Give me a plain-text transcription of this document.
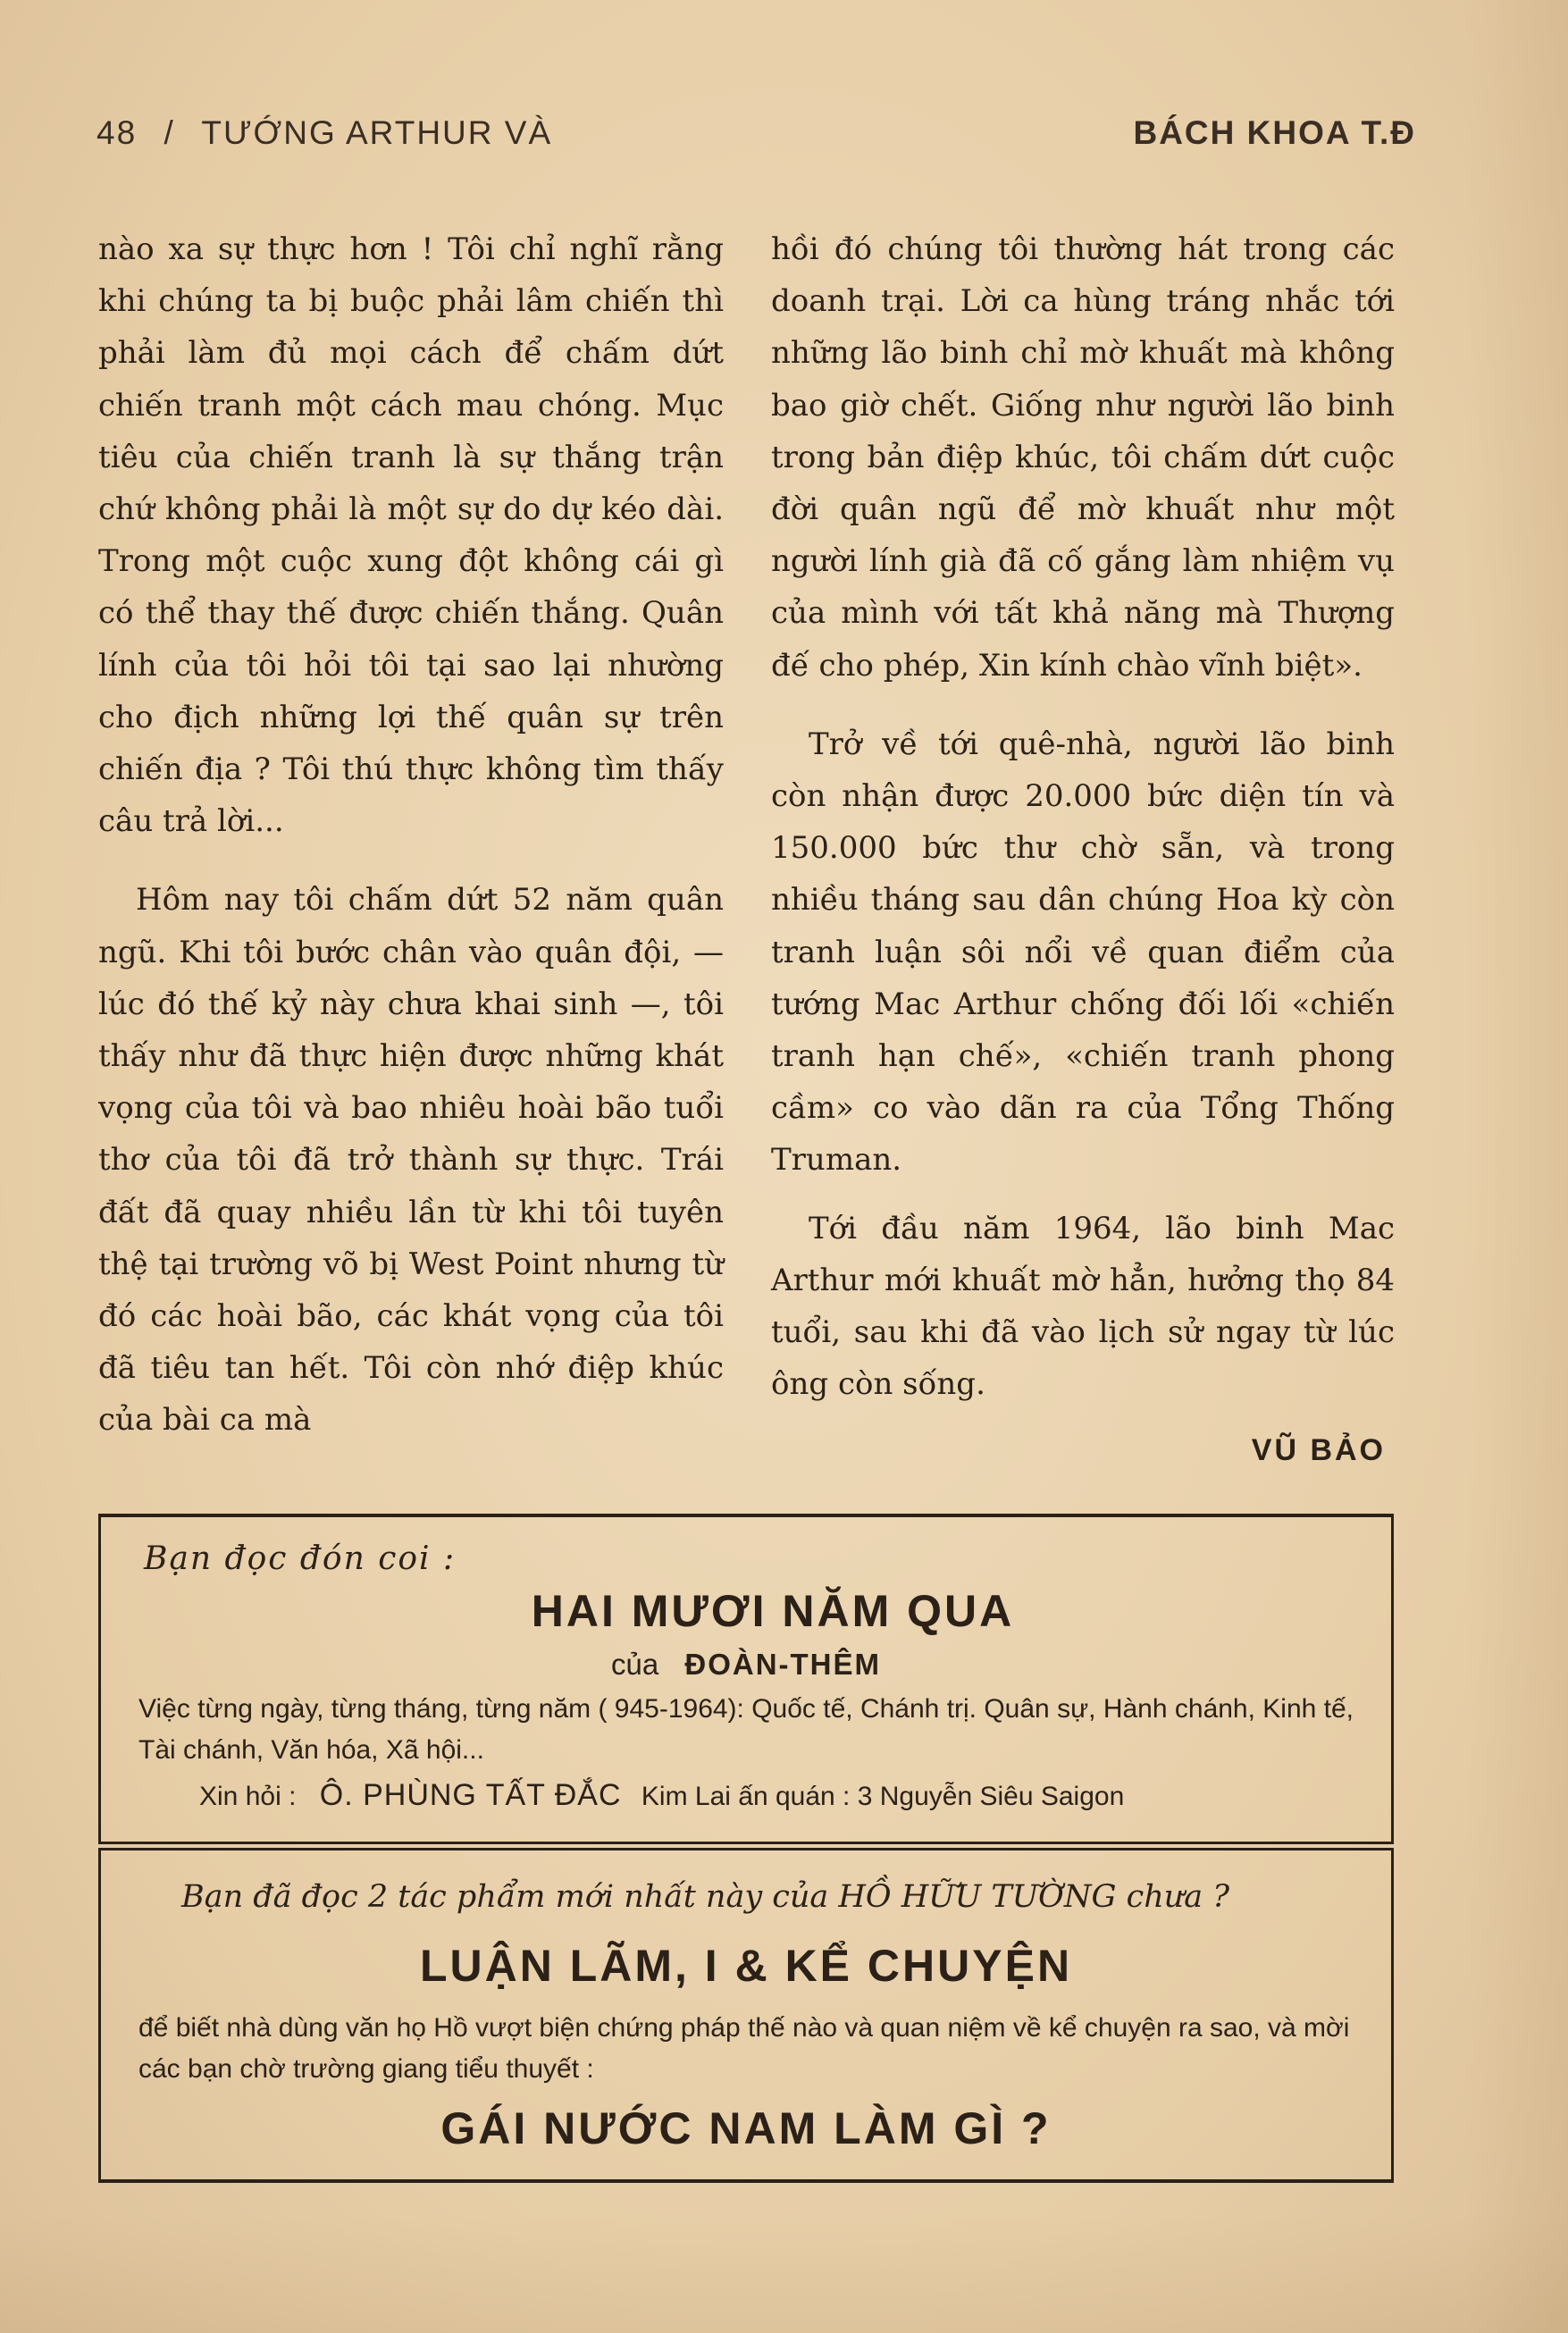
48 / TƯỚNG ARTHUR VÀ	BÁCH KHOA T.Đ

nào xa sự thực hơn ! Tôi chỉ nghĩ rằng khi chúng ta bị buộc phải lâm chiến thì phải làm đủ mọi cách để chấm dứt chiến tranh một cách mau chóng. Mục tiêu của chiến tranh là sự thắng trận chứ không phải là một sự do dự kéo dài. Trong một cuộc xung đột không cái gì có thể thay thế được chiến thắng. Quân lính của tôi hỏi tôi tại sao lại nhường cho địch những lợi thế quân sự trên chiến địa ? Tôi thú thực không tìm thấy câu trả lời...

Hôm nay tôi chấm dứt 52 năm quân ngũ. Khi tôi bước chân vào quân đội, — lúc đó thế kỷ này chưa khai sinh —, tôi thấy như đã thực hiện được những khát vọng của tôi và bao nhiêu hoài bão tuổi thơ của tôi đã trở thành sự thực. Trái đất đã quay nhiều lần từ khi tôi tuyên thệ tại trường võ bị West Point nhưng từ đó các hoài bão, các khát vọng của tôi đã tiêu tan hết. Tôi còn nhớ điệp khúc của bài ca mà

hồi đó chúng tôi thường hát trong các doanh trại. Lời ca hùng tráng nhắc tới những lão binh chỉ mờ khuất mà không bao giờ chết. Giống như người lão binh trong bản điệp khúc, tôi chấm dứt cuộc đời quân ngũ để mờ khuất như một người lính già đã cố gắng làm nhiệm vụ của mình với tất khả năng mà Thượng đế cho phép, Xin kính chào vĩnh biệt».

Trở về tới quê-nhà, người lão binh còn nhận được 20.000 bức diện tín và 150.000 bức thư chờ sẵn, và trong nhiều tháng sau dân chúng Hoa kỳ còn tranh luận sôi nổi về quan điểm của tướng Mac Arthur chống đối lối «chiến tranh hạn chế», «chiến tranh phong cầm» co vào dãn ra của Tổng Thống Truman.

Tới đầu năm 1964, lão binh Mac Arthur mới khuất mờ hẳn, hưởng thọ 84 tuổi, sau khi đã vào lịch sử ngay từ lúc ông còn sống.

VŨ BẢO

Bạn đọc đón coi :
HAI MƯƠI NĂM QUA
của ĐOÀN-THÊM
Việc từng ngày, từng tháng, từng năm ( 945-1964): Quốc tế, Chánh trị. Quân sự, Hành chánh, Kinh tế, Tài chánh, Văn hóa, Xã hội...
Xin hỏi : Ô. PHÙNG TẤT ĐẮC Kim Lai ấn quán : 3 Nguyễn Siêu Saigon
Bạn đã đọc 2 tác phẩm mới nhất này của HỒ HỮU TƯỜNG chưa ?
LUẬN LÃM, I & KỂ CHUYỆN
để biết nhà dùng văn họ Hồ vượt biện chứng pháp thế nào và quan niệm về kể chuyện ra sao, và mời các bạn chờ trường giang tiểu thuyết :
GÁI NƯỚC NAM LÀM GÌ ?
